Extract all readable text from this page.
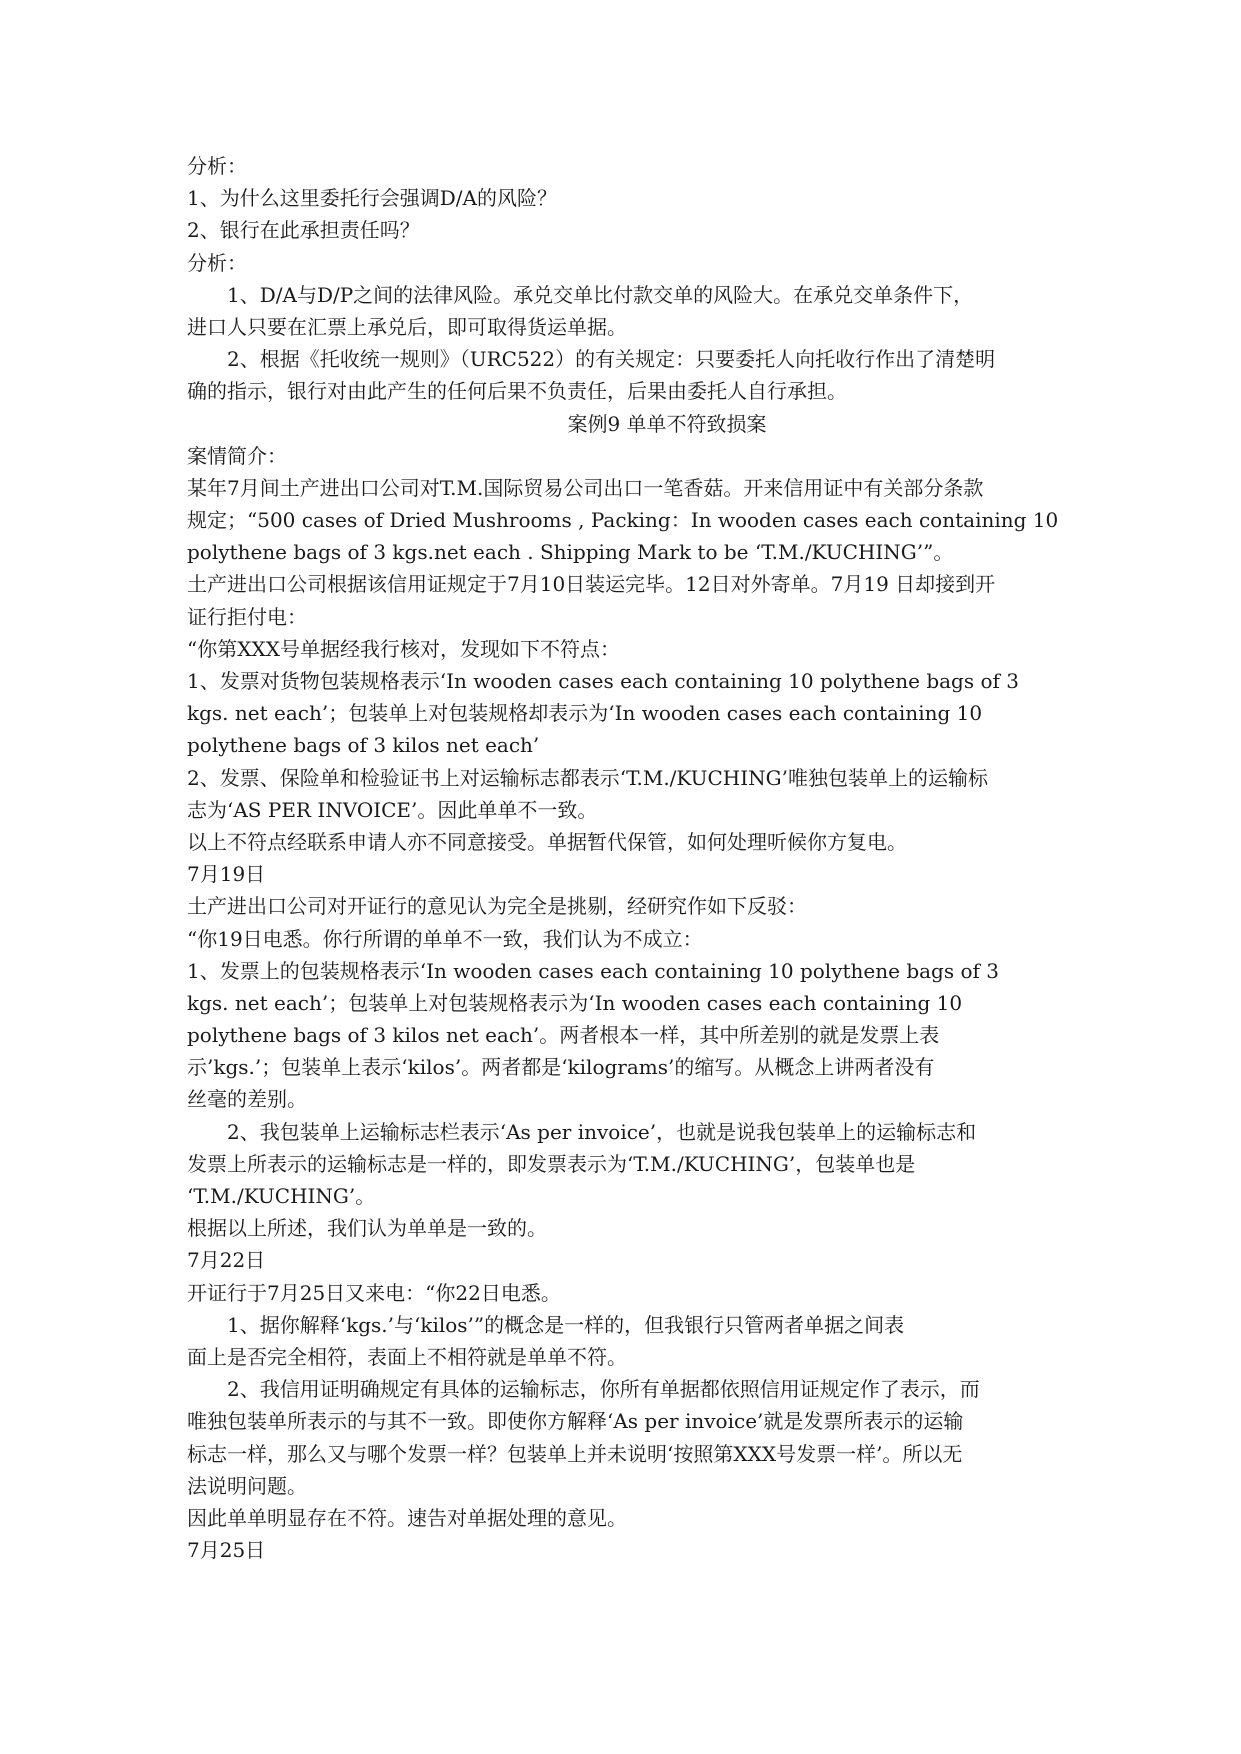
分析：
1、为什么这里委托行会强调D/A的风险？
2、银行在此承担责任吗？
分析：
1、D/A与D/P之间的法律风险。承兑交单比付款交单的风险大。在承兑交单条件下，
进口人只要在汇票上承兑后，即可取得货运单据。
2、根据《托收统一规则》（URC522）的有关规定：只要委托人向托收行作出了清楚明
确的指示，银行对由此产生的任何后果不负责任，后果由委托人自行承担。
案例9 单单不符致损案
案情简介：
某年7月间土产进出口公司对T.M.国际贸易公司出口一笔香菇。开来信用证中有关部分条款
规定；“500 cases of Dried Mushrooms , Packing：In wooden cases each containing 10
polythene bags of 3 kgs.net each . Shipping Mark to be ‘T.M./KUCHING’”。
土产进出口公司根据该信用证规定于7月10日装运完毕。12日对外寄单。7月19 日却接到开
证行拒付电：
“你第XXX号单据经我行核对，发现如下不符点：
1、发票对货物包装规格表示‘In wooden cases each containing 10 polythene bags of 3
kgs. net each’；包装单上对包装规格却表示为‘In wooden cases each containing 10
polythene bags of 3 kilos net each’
2、发票、保险单和检验证书上对运输标志都表示‘T.M./KUCHING’唯独包装单上的运输标
志为‘AS PER INVOICE’。因此单单不一致。
以上不符点经联系申请人亦不同意接受。单据暂代保管，如何处理听候你方复电。
7月19日
土产进出口公司对开证行的意见认为完全是挑剔，经研究作如下反驳：
“你19日电悉。你行所谓的单单不一致，我们认为不成立：
1、发票上的包装规格表示‘In wooden cases each containing 10 polythene bags of 3
kgs. net each’；包装单上对包装规格表示为‘In wooden cases each containing 10
polythene bags of 3 kilos net each’。两者根本一样，其中所差别的就是发票上表
示’kgs.’；包装单上表示‘kilos’。两者都是‘kilograms’的缩写。从概念上讲两者没有
丝毫的差别。
2、我包装单上运输标志栏表示‘As per invoice’，也就是说我包装单上的运输标志和
发票上所表示的运输标志是一样的，即发票表示为‘T.M./KUCHING’，包装单也是
‘T.M./KUCHING’。
根据以上所述，我们认为单单是一致的。
7月22日
开证行于7月25日又来电：“你22日电悉。
1、据你解释‘kgs.’与‘kilos’”的概念是一样的，但我银行只管两者单据之间表
面上是否完全相符，表面上不相符就是单单不符。
2、我信用证明确规定有具体的运输标志，你所有单据都依照信用证规定作了表示，而
唯独包装单所表示的与其不一致。即使你方解释‘As per invoice’就是发票所表示的运输
标志一样，那么又与哪个发票一样？包装单上并未说明‘按照第XXX号发票一样’。所以无
法说明问题。
因此单单明显存在不符。速告对单据处理的意见。
7月25日
